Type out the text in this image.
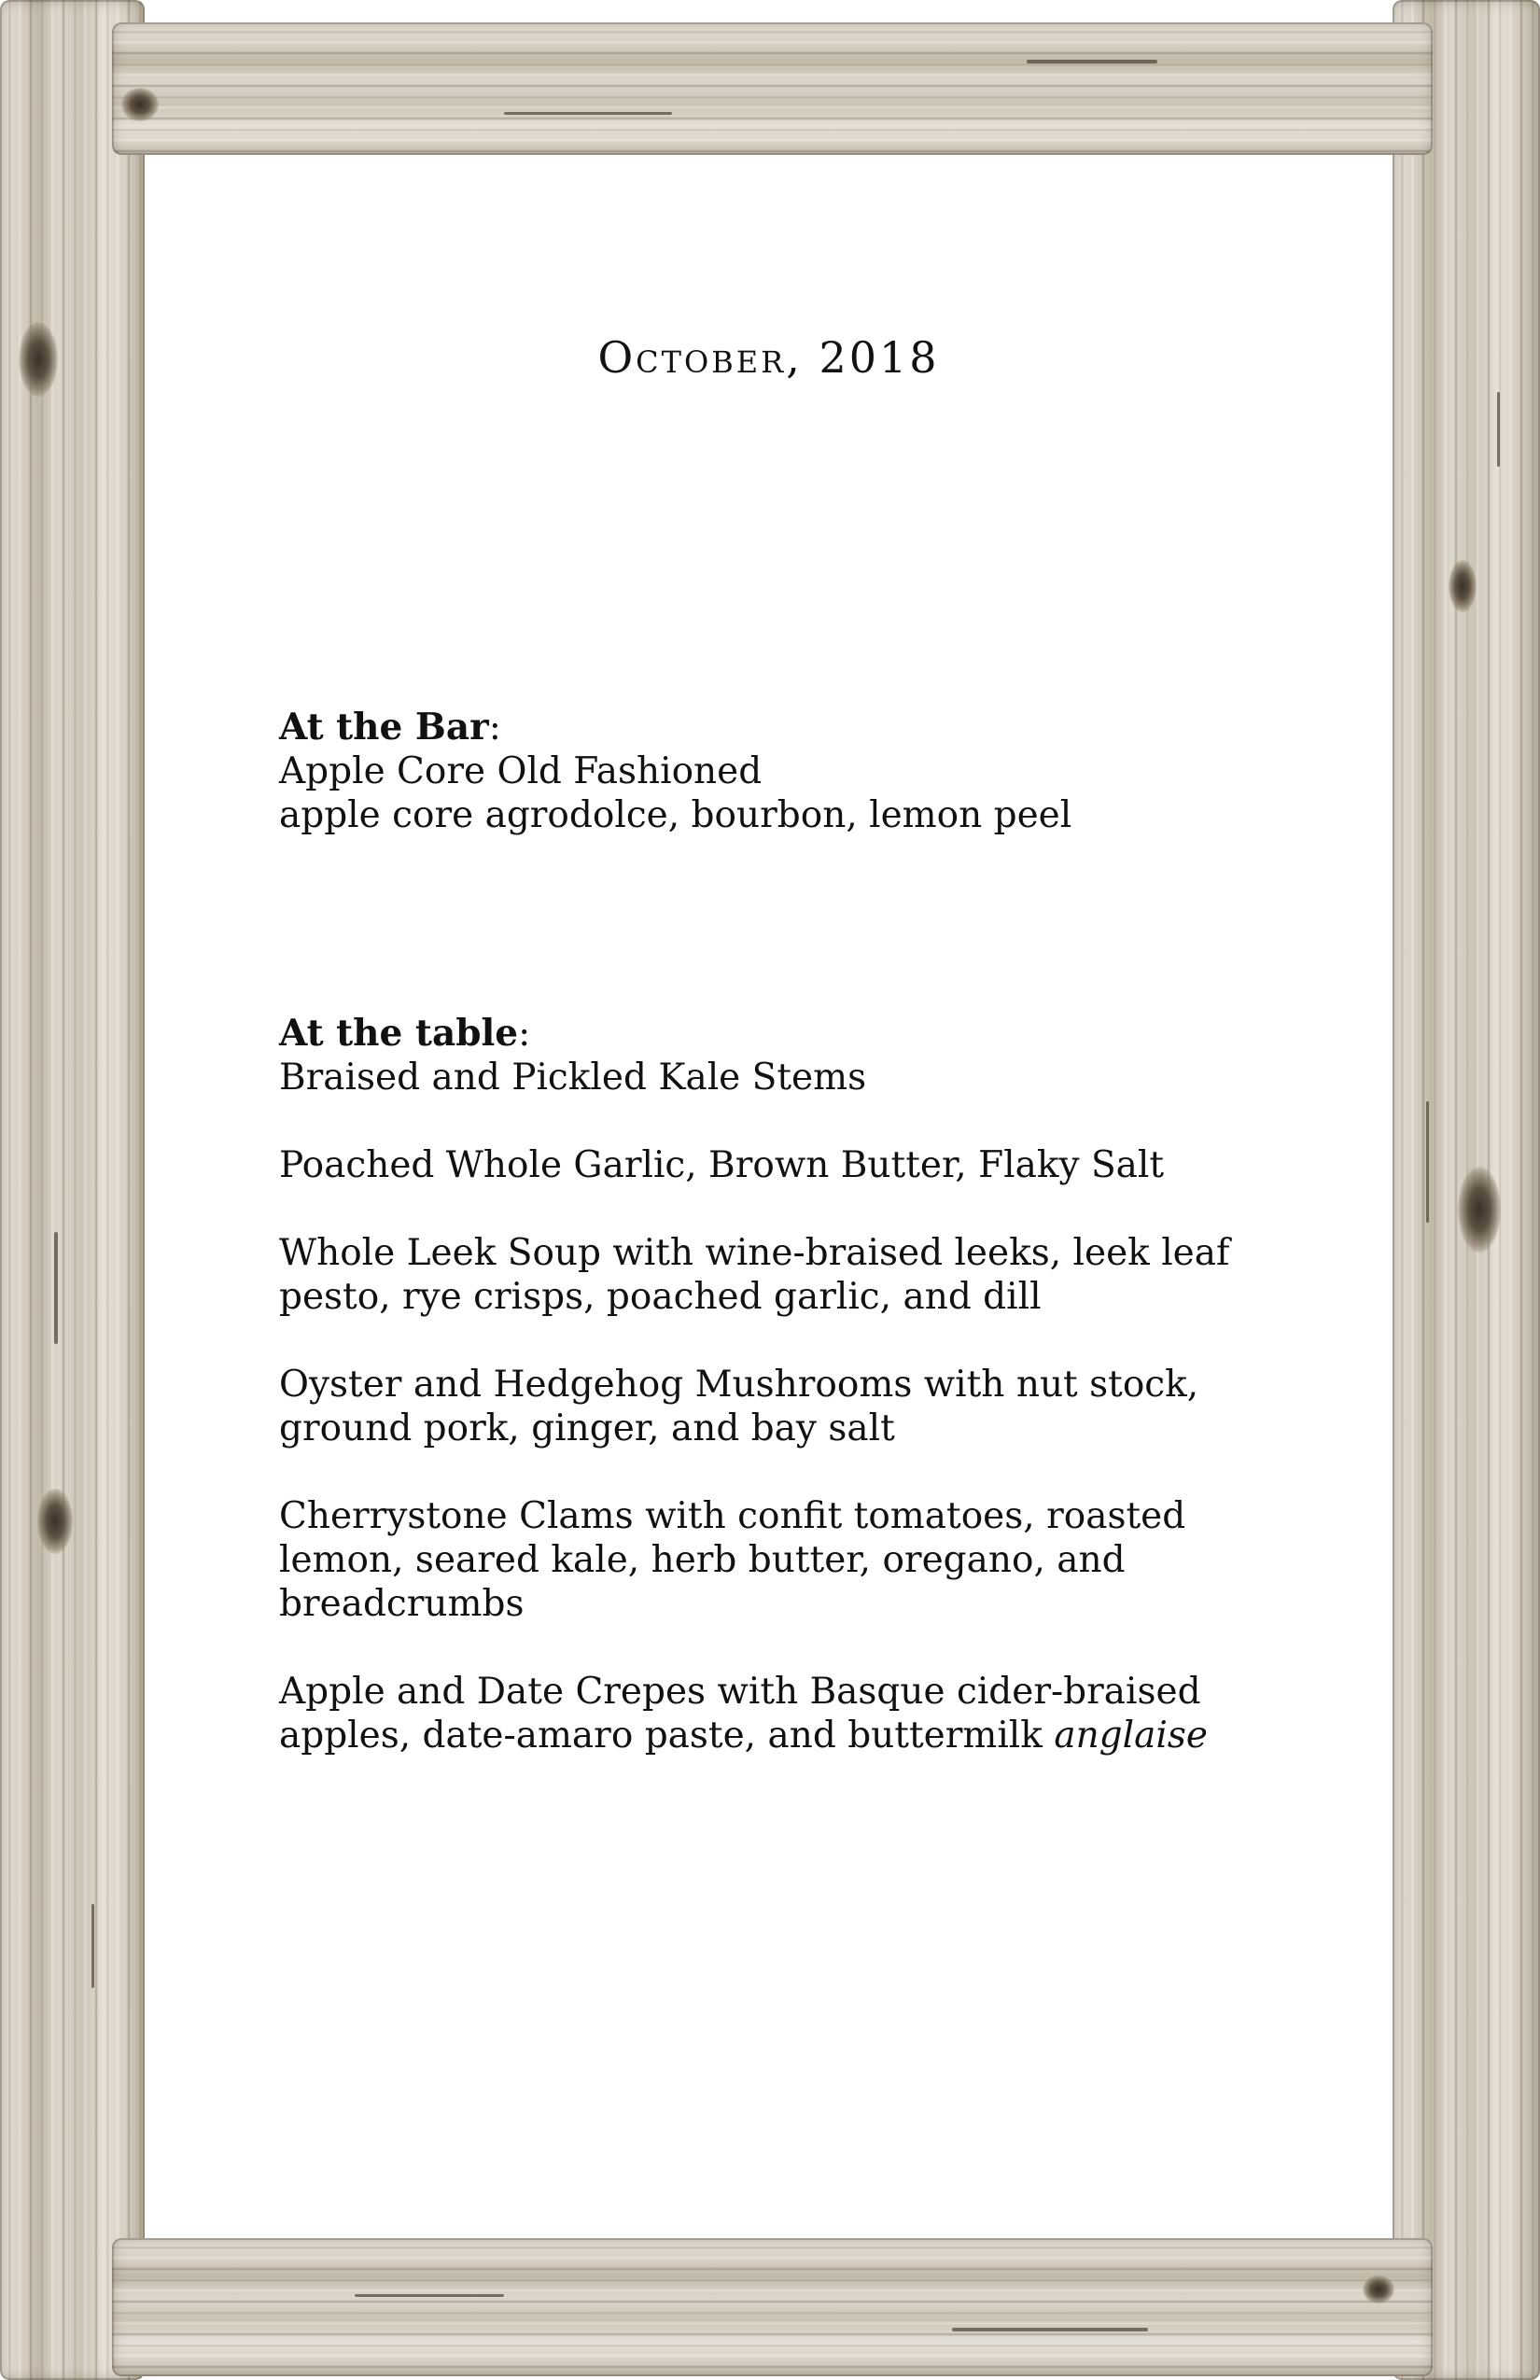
October, 2018
At the Bar:
Apple Core Old Fashioned
apple core agrodolce, bourbon, lemon peel
At the table:
Braised and Pickled Kale Stems
Poached Whole Garlic, Brown Butter, Flaky Salt
Whole Leek Soup with wine-braised leeks, leek leaf
pesto, rye crisps, poached garlic, and dill
Oyster and Hedgehog Mushrooms with nut stock,
ground pork, ginger, and bay salt
Cherrystone Clams with confit tomatoes, roasted
lemon, seared kale, herb butter, oregano, and
breadcrumbs
Apple and Date Crepes with Basque cider-braised
apples, date-amaro paste, and buttermilk anglaise
